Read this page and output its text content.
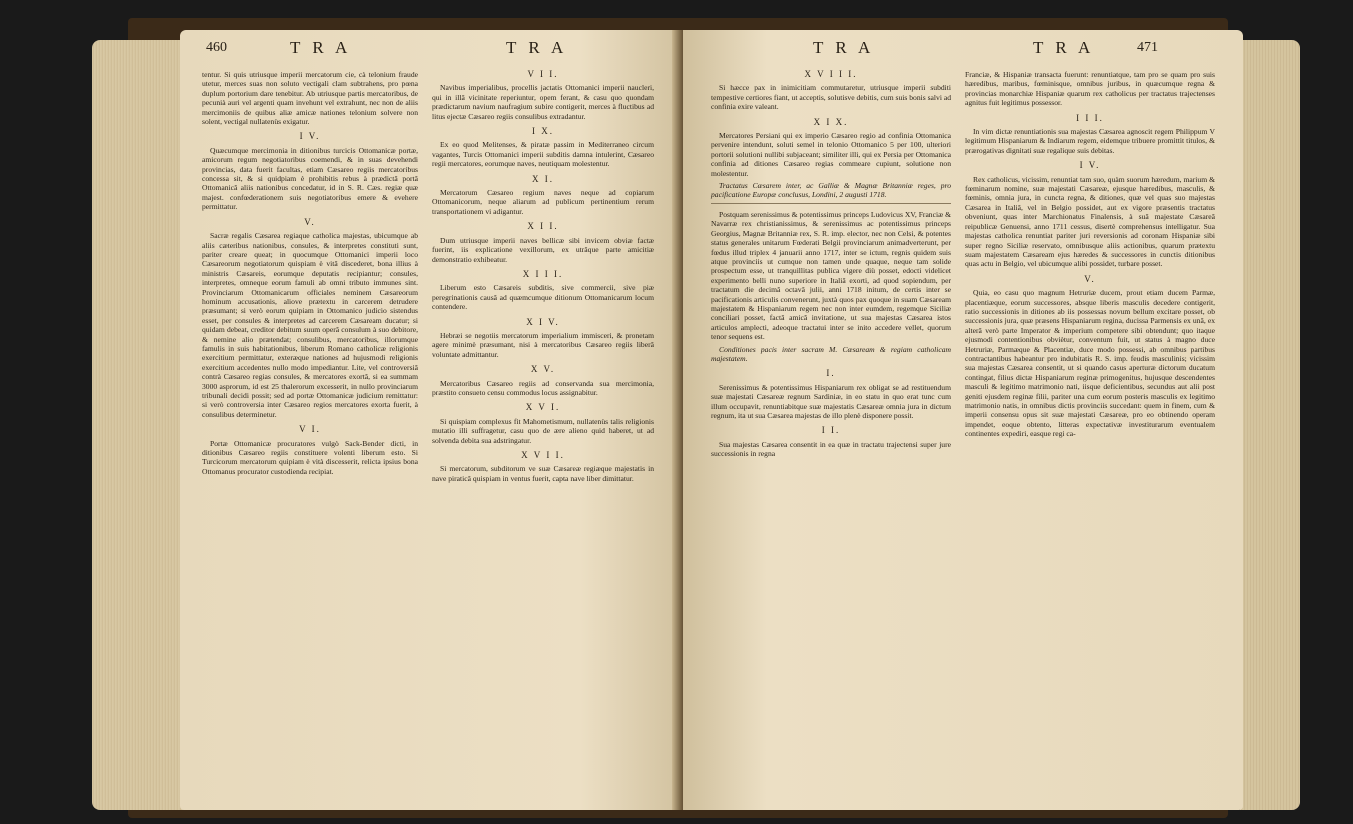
460	T R A	T R A

tentur. Si quis utriusque imperii mercatorum cie, cà telonium fraude utetur, merces suas non soluto vectigali clam subtrahens, pro pœna duplum portorium dare tenebitur. Ab utriusque partis mercatoribus, de pecunià auri vel argenti quam invehunt vel extrahunt, nec non de aliis mercimoniis de quibus aliæ amicæ nationes telonium solvere non solent, vectigal nullatenùs exigatur.

I V.

Quæcumque mercimonia in ditionibus turcicis Ottomanicæ portæ, amicorum regum negotiatoribus coemendi, & in suas devehendi provincias, data fuerit facultas, etiam Cæsareo regiis mercatoribus concessa sit, & si quidpiam è prohibitis rebus à prædictâ portâ Ottomanicâ aliis nationibus concedatur, id in S. R. Cæs. regiæ quæ majest. confœderationem suis negotiatoribus emere & evehere permittatur.

V.

Sacræ regalis Cæsarea regiaque catholica majestas, ubicumque ab aliis cæteribus nationibus, consules, & interpretes constituti sunt, pariter creare queat; in quocumque Ottomanici imperii loco Cæsareorum negotiatorum quispiam è vitâ discederet, bona illius à ministris Cæsareis, eorumque deputatis recipiantur; consules, interpretes, omneque eorum famuli ab omni tributo immunes sint. Provinciarum Ottomanicarum officiales neminem Cæsareorum hominum accusationis, aliove prætextu in carcerem detrudere præsumant; si verò eorum quipiam in Ottomanico judicio sistendus esset, per consules & interpretes ad carcerem Cæsaream ducatur; si quidam debeat, creditor debitum suum operâ consulum à suo debitore, & nemine alio prætendat; consulibus, mercatoribus, illorumque famulis in suis habitationibus, liberum Romano catholicæ religionis exercitium permittatur, exteræque nationes ad hujusmodi religionis exercitium accedentes nullo modo impediantur. Lite, vel controversiâ contrà Cæsareo regias consules, & mercatores exortâ, si ea summam 3000 asprorum, id est 25 thalerorum excesserit, in nullo provinciarum tribunali decidi possit; sed ad portæ Ottomanicæ judicium remittatur: si verò controversia inter Cæsareo regios mercatores exorta fuerit, à consulibus determinetur.

V I.

Portæ Ottomanicæ procuratores vulgò Sack-Bender dicti, in ditionibus Cæsareo regiis constituere volenti liberum esto. Si Turcicorum mercatorum quipiam è vità discesserit, relicta ipsius bona Ottomanus procurator custodienda recipiat.

V I I.

Navibus imperialibus, procellis jactatis Ottomanici imperii naucleri, qui in illâ vicinitate reperiuntur, opem ferant, & casu quo quondam prædictarum navium naufragium subire contigerit, merces à fluctibus ad litus ejectæ Cæsareo regiis consulibus extradantur.

I X.

Ex eo quod Melitenses, & piratæ passim in Mediterraneo circum vagantes, Turcis Ottomanici imperii subditis damna intulerint, Cæsareo regii mercatores, eorumque naves, neutiquam molestentur.

X I.

Mercatorum Cæsareo regium naves neque ad copiarum Ottomanicorum, neque aliarum ad publicum pertinentium rerum transportationem vi adigantur.

X I I.

Dum utriusque imperii naves bellicæ sibi invicem obviæ factæ fuerint, iis explicatione vexillorum, ex utrâque parte amicitiæ demonstratio exhibeatur.

X I I I.

Liberum esto Cæsareis subditis, sive commercii, sive piæ peregrinationis causâ ad quæmcumque ditionum Ottomanicarum locum contendere.

X I V.

Hebræi se negotiis mercatorum imperialium immisceri, & pronetam agere minimè præsumant, nisi à mercatoribus Cæsareo regiis liberâ voluntate admittantur.

X V.

Mercatoribus Cæsareo regiis ad conservanda sua mercimonia, præstito consueto censu commodus locus assignabitur.

X V I.

Si quispiam complexus fit Mahometismum, nullatenùs talis religionis mutatio illi suffragetur, casu quo de ære alieno quid haberet, ut ad solvenda debita sua adstringatur.

X V I I.

Si mercatorum, subditorum ve suæ Cæsareæ regiæque majestatis in nave piraticâ quispiam in ventus fuerit, capta nave liber dimittatur.

T R A	T R A	471
X V I I I.

Si hæcce pax in inimicitiam commutaretur, utriusque imperii subditi tempestive certiores fiant, ut acceptis, solutisve debitis, cum suis bonis salvi ad confinia exire valeant.

X I X.

Mercatores Persiani qui ex imperio Cæsareo regio ad confinia Ottomanica pervenire intendunt, soluti semel in telonio Ottomanico 5 per 100, ulteriori portorii solutioni nullibi subjaceant; similiter illi, qui ex Persia per Ottomanica confinia ad ditiones Cæsareo regias commeare cupiunt, solutione non molestentur.

Tractatus Cæsarem inter, ac Galliæ & Magnæ Britanniæ reges, pro pacificatione Europæ conclusus, Londini, 2 augusti 1718.

Postquam serenissimus & potentissimus princeps Ludovicus XV, Franciæ & Navarræ rex christianissimus, & serenissimus ac potentissimus princeps Georgius, Magnæ Britanniæ rex, S. R. imp. elector, nec non Celsi, & potentes status generales unitarum Fœderati Belgii provinciarum animadverterunt, per fœdus illud triplex 4 januarii anno 1717, inter se ictum, regnis quidem suis atque provinciis ut cumque non tamen unde quaque, neque tam solide prospectum esse, ut tranquillitas publica vigere diù posset, edocti videlicet experimento belli nuno superiore in Italiâ exorti, ad quod sopiendum, per tractatum die decimâ octavâ julii, anni 1718 initum, de certis inter se pacificationis articulis convenerunt, juxtà quos pax quoque in suam Cæsaream majestatem & Hispaniarum regem nec non inter eumdem, regemque Siciliæ conciliari posset, factâ amicâ invitatione, ut sua majestas Cæsarea istos articulos amplecti, adeoque tractatui inter se inito accedere vellet, quorum tenor sequens est.

Conditiones pacis inter sacram M. Cæsaream & regiam catholicam majestatem.

I.

Serenissimus & potentissimus Hispaniarum rex obligat se ad restituendum suæ majestati Cæsareæ regnum Sardiniæ, in eo statu in quo erat tunc cum illum occupavit, renuntiabitque suæ majestatis Cæsareæ omnia jura in dictum regnum, ita ut sua Cæsarea majestas de illo plenè disponere possit.

I I.

Sua majestas Cæsarea consentit in ea quæ in tractatu trajectensi super jure successionis in regna

Franciæ, & Hispaniæ transacta fuerunt: renuntiatque, tam pro se quam pro suis hæredibus, maribus, fœminisque, omnibus juribus, in quæcumque regna & provincias monarchiæ Hispaniæ quarum rex catholicus per tractatus trajectenses agnitus fuit legitimus possessor.

I I I.

In vim dictæ renuntiationis sua majestas Cæsarea agnoscit regem Philippum V legitimum Hispaniarum & Indiarum regem, eidemque tribuere promittit titulos, & prærogativas dignitati suæ regalique suis debitas.

I V.

Rex catholicus, vicissim, renuntiat tam suo, quàm suorum hæredum, marium & fœminarum nomine, suæ majestati Cæsareæ, ejusque hæredibus, masculis, & fœminis, omnia jura, in cuncta regna, & ditiones, quæ vel quas suo majestas Cæsarea in Italiâ, vel in Belgio possidet, aut ex vigore præsentis tractatus obveniunt, quas inter Marchionatus Finalensis, à suâ majestate Cæsareâ reipublicæ Genuensi, anno 1711 cessus, disertè comprehensus intelligatur. Sua majestas catholica renuntiat pariter juri reversionis ad coronam Hispaniæ sibi super regno Siciliæ reservato, omnibusque aliis actionibus, quarum prætextu suam majestatem Cæsaream ejus hæredes & successores in cunctis ditionibus quas actu in Belgio, vel ubicumque alibi possidet, turbare posset.

V.

Quia, eo casu quo magnum Hetruriæ ducem, prout etiam ducem Parmæ, placentiæque, eorum successores, absque liberis masculis decedere contigerit, ratio successionis in ditiones ab iis possessas novum bellum excitare posset, ob successionis jura, quæ præsens Hispaniarum regina, ducissa Parmensis ex unâ, ex alterâ verò parte Imperator & imperium competere sibi obtendunt; quo itaque ejusmodi contentionibus obviètur, conventum fuit, ut status à magno duce Hetruriæ, Parmæque & Placentiæ, duce modo possessi, ab omnibus partibus contractantibus habeantur pro indubitatis R. S. imp. feudis masculinis; vicissim sua majestas Cæsarea consentit, ut si quando casus aperturæ dictorum ducatum contingat, filius dictæ Hispaniarum reginæ primogenitus, hujusque descendentes masculi & legitimo matrimonio nati, iisque deficientibus, secundus aut alii post geniti ejusdem reginæ filii, pariter una cum eorum posteris masculis ex legitimo matrimonio natis, in omnibus dictis provinciis succedant: quem in finem, cum & imperii consensu opus sit suæ majestati Cæsareæ, pro eo obtinendo operam impendet, eoque obtento, litteras expectativæ investiturarum eventualem continentes expediri, easque regi ca-
